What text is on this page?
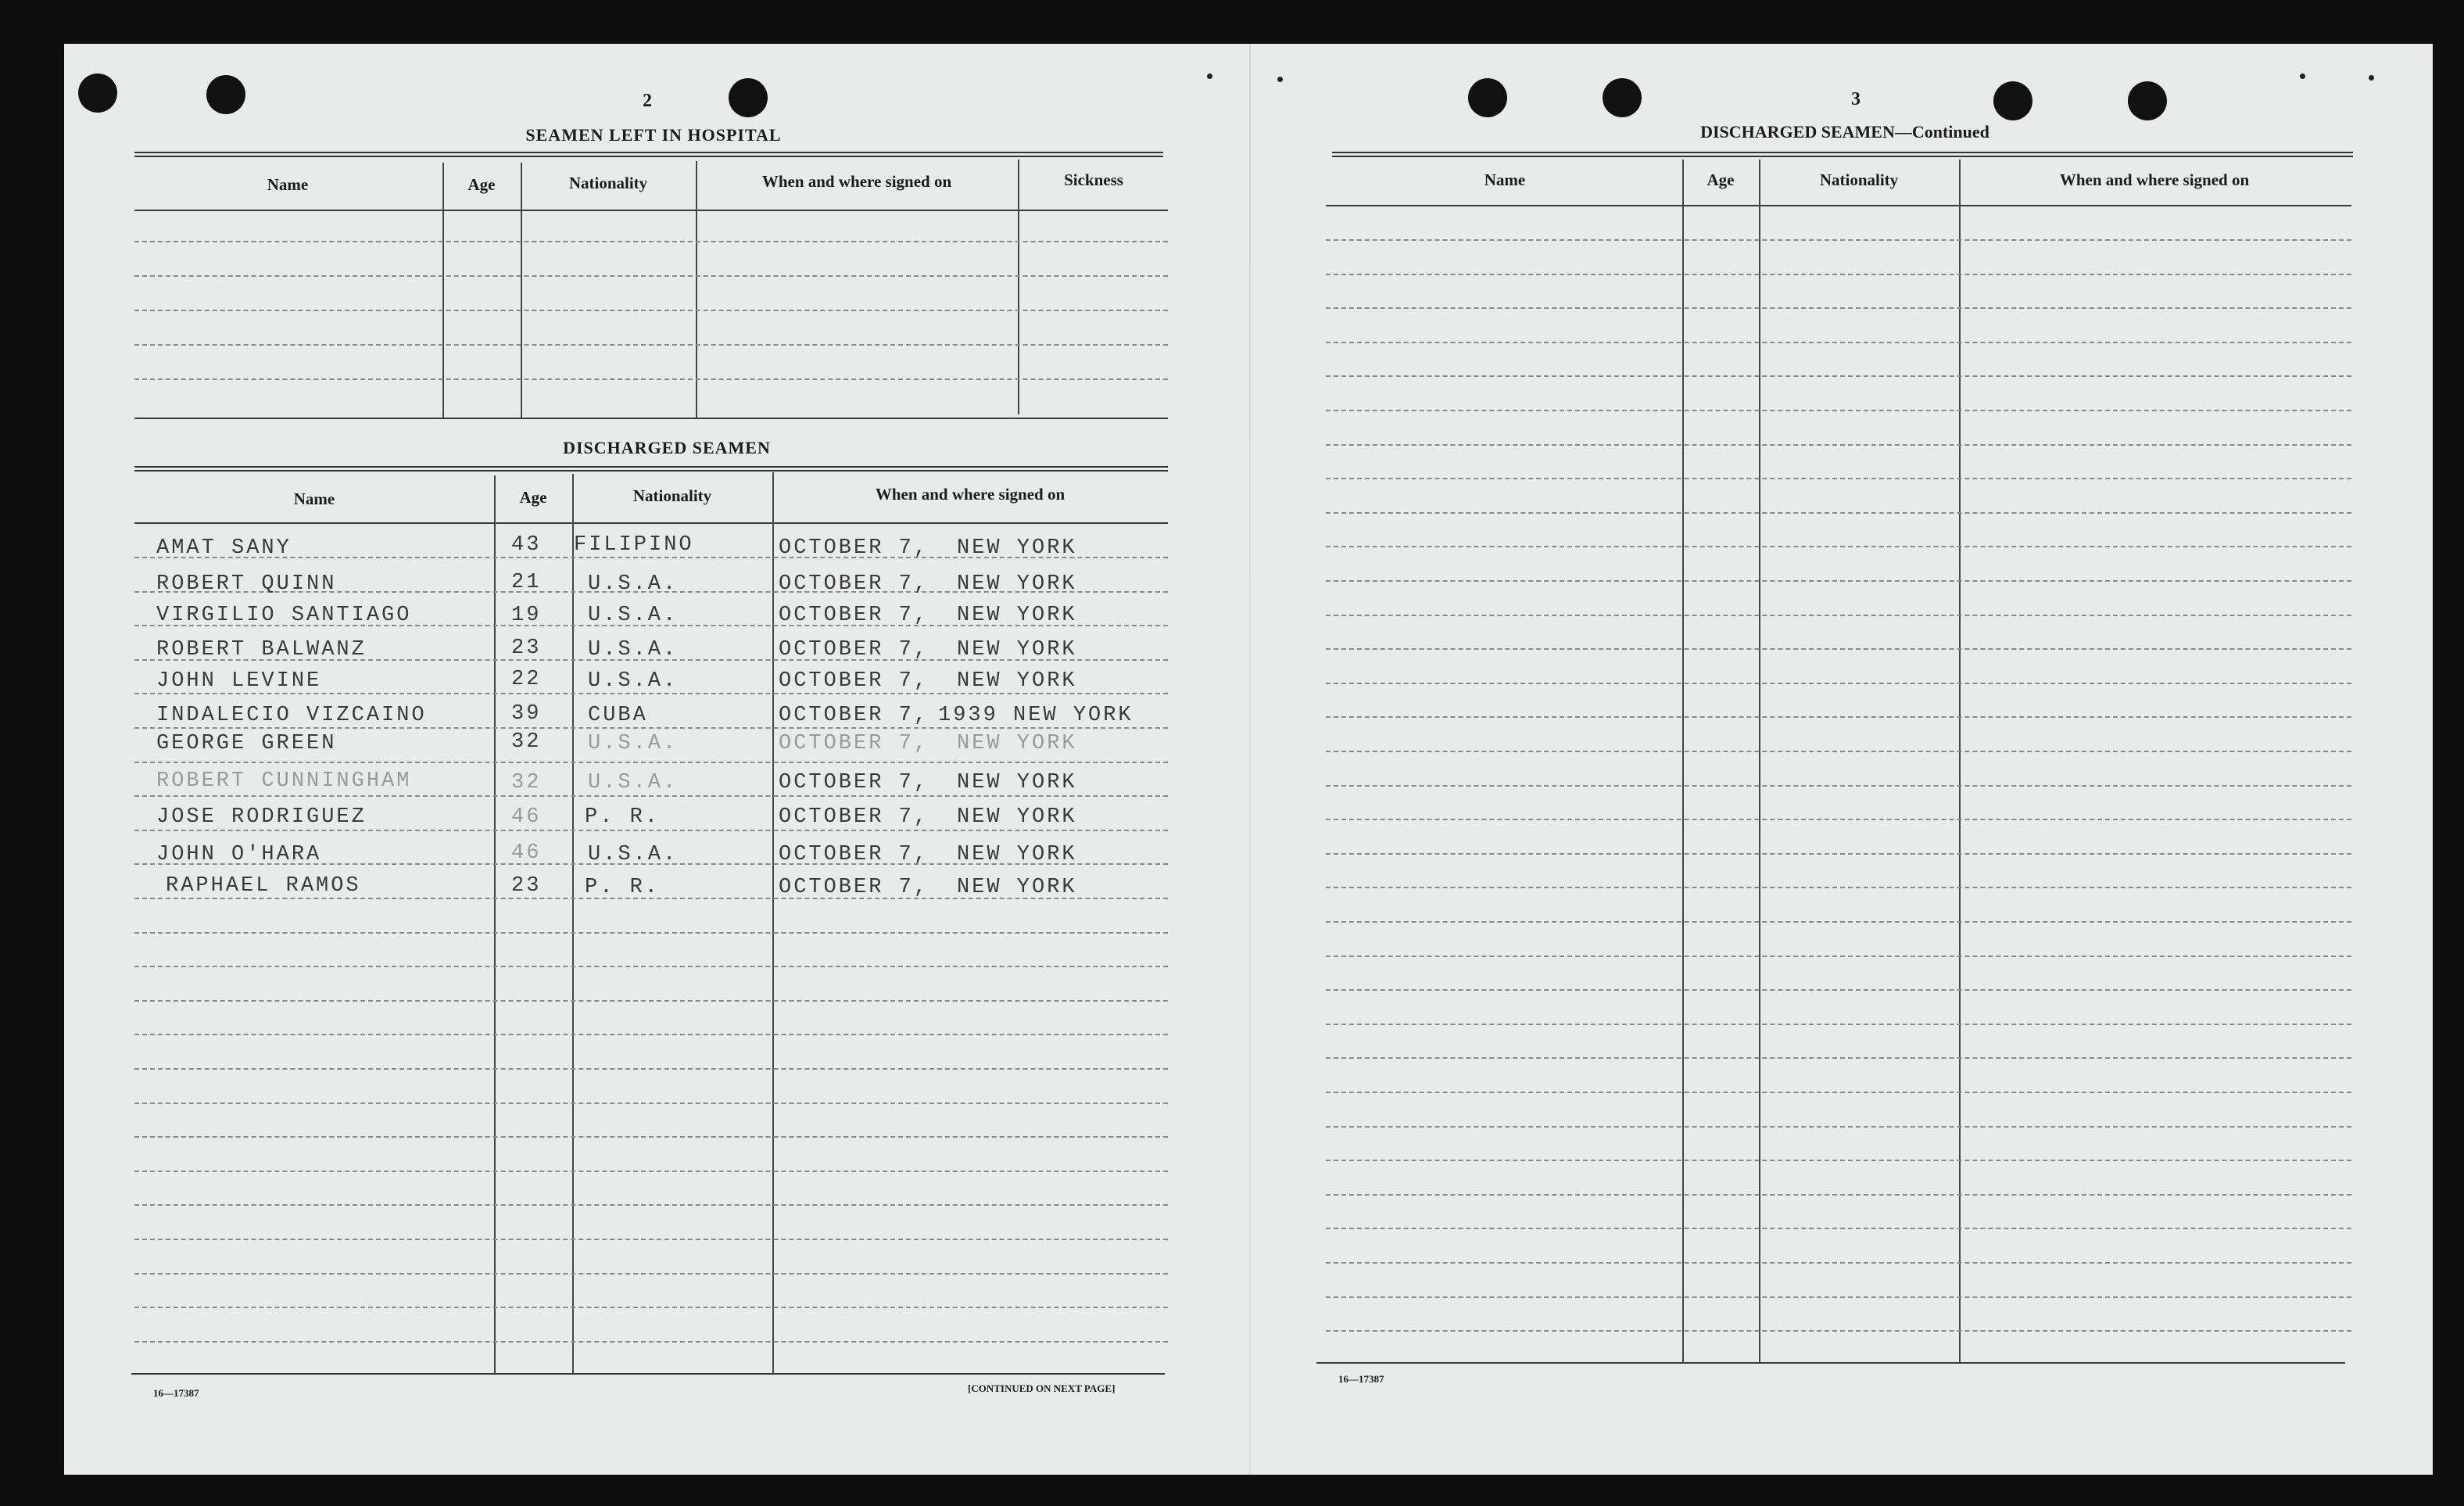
2
SEAMEN LEFT IN HOSPITAL
Name	Age	Nationality	When and where signed on	Sickness
DISCHARGED SEAMEN
Name	Age	Nationality	When and where signed on
AMAT SANY	43 FILIPINO	OCTOBER 7, NEW YORK
ROBERT QUINN	21 U.S.A.	OCTOBER 7, NEW YORK
VIRGILIO SANTIAGO	19 U.S.A.	OCTOBER 7, NEW YORK
ROBERT BALWANZ	23 U.S.A.	OCTOBER 7, NEW YORK
JOHN LEVINE	22 U.S.A.	OCTOBER 7, NEW YORK
INDALECIO VIZCAINO	39 CUBA	OCTOBER 7, 1939 NEW YORK
GEORGE GREEN	32 U.S.A.	OCTOBER 7, NEW YORK
ROBERT CUNNINGHAM	32 U.S.A.	OCTOBER 7, NEW YORK
JOSE RODRIGUEZ	46 P. R.	OCTOBER 7, NEW YORK
JOHN O'HARA	46 U.S.A.	OCTOBER 7, NEW YORK
RAPHAEL RAMOS	23 P. R.	OCTOBER 7, NEW YORK
16—17387	[CONTINUED ON NEXT PAGE]
3
DISCHARGED SEAMEN—Continued
Name	Age	Nationality	When and where signed on
16—17387
